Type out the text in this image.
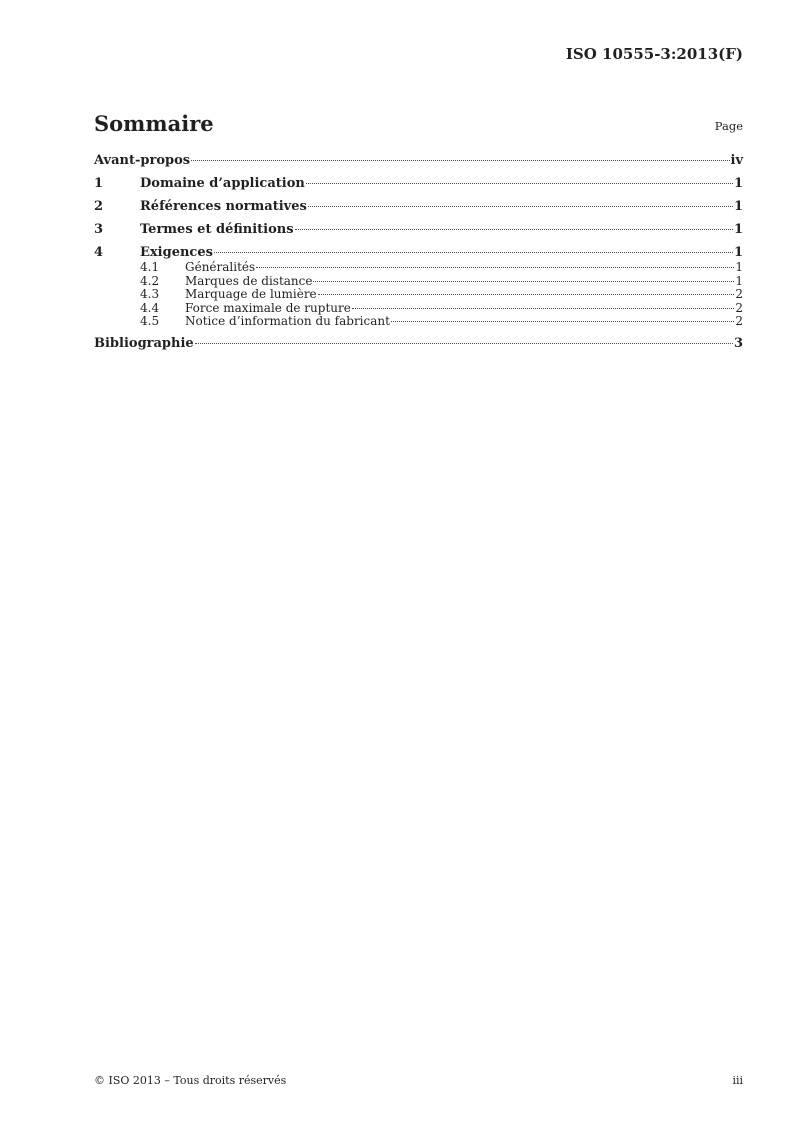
ISO 10555-3:2013(F)
Sommaire	Page
Avant-propos	iv
1	Domaine d’application	1
2	Références normatives	1
3	Termes et définitions	1
4	Exigences	1
4.1	Généralités	1
4.2	Marques de distance	1
4.3	Marquage de lumière	2
4.4	Force maximale de rupture	2
4.5	Notice d’information du fabricant	2
Bibliographie	3
© ISO 2013 – Tous droits réservés	iii
